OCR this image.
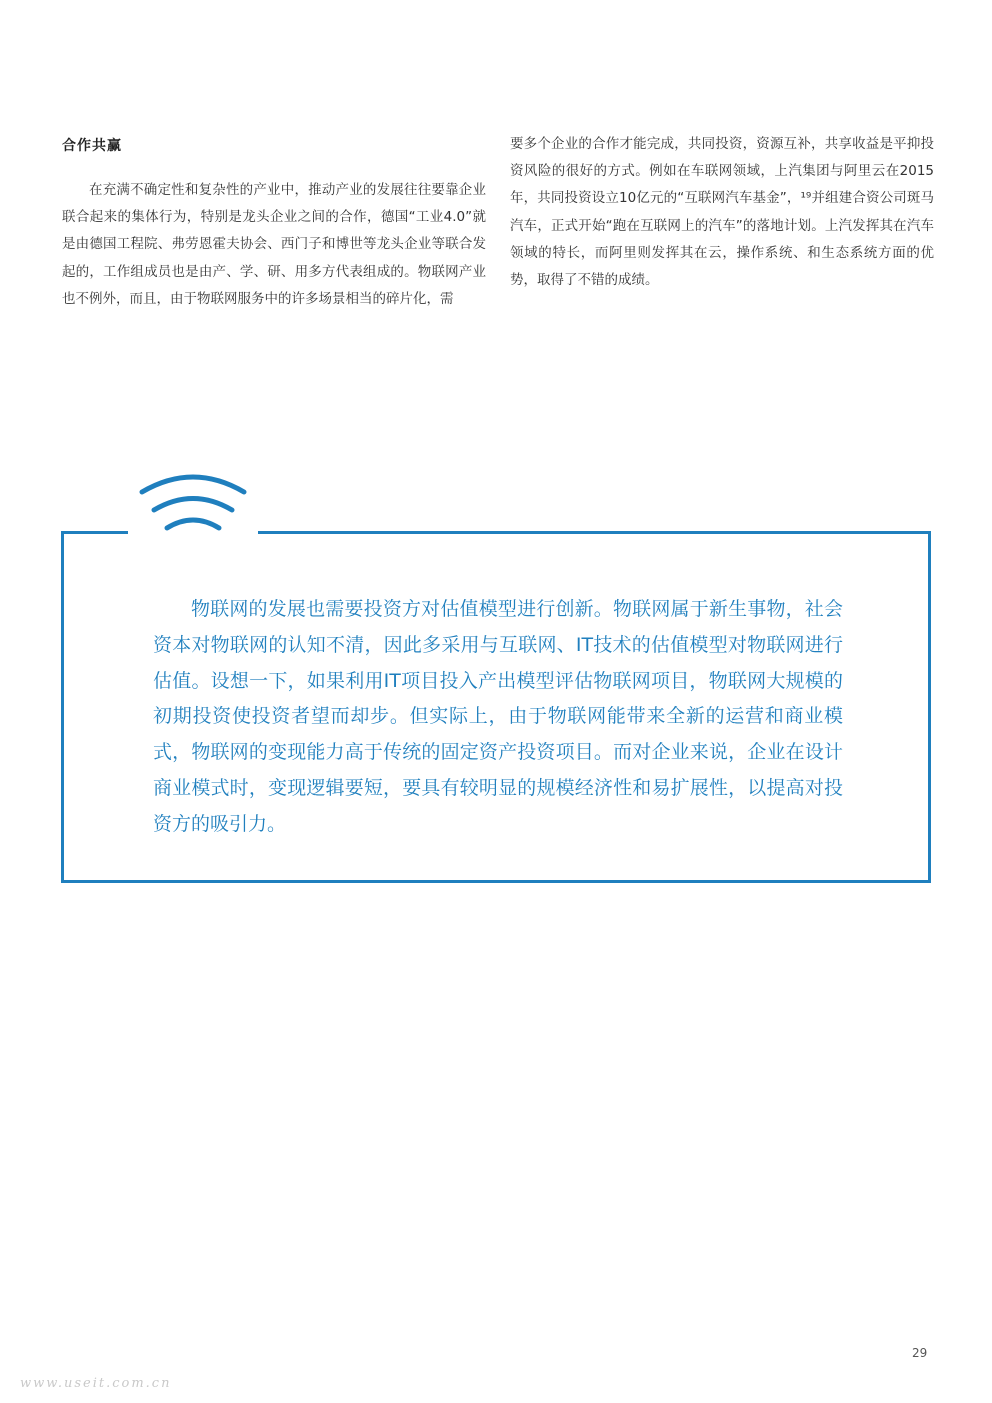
合作共赢

在充满不确定性和复杂性的产业中，推动产业的发展往往要靠企业联合起来的集体行为，特别是龙头企业之间的合作，德国“工业4.0”就是由德国工程院、弗劳恩霍夫协会、西门子和博世等龙头企业等联合发起的，工作组成员也是由产、学、研、用多方代表组成的。物联网产业也不例外，而且，由于物联网服务中的许多场景相当的碎片化，需

要多个企业的合作才能完成，共同投资，资源互补，共享收益是平抑投资风险的很好的方式。例如在车联网领域，上汽集团与阿里云在2015年，共同投资设立10亿元的“互联网汽车基金”，¹⁹并组建合资公司斑马汽车，正式开始“跑在互联网上的汽车”的落地计划。上汽发挥其在汽车领域的特长，而阿里则发挥其在云，操作系统、和生态系统方面的优势，取得了不错的成绩。

物联网的发展也需要投资方对估值模型进行创新。物联网属于新生事物，社会资本对物联网的认知不清，因此多采用与互联网、IT技术的估值模型对物联网进行估值。设想一下，如果利用IT项目投入产出模型评估物联网项目，物联网大规模的初期投资使投资者望而却步。但实际上，由于物联网能带来全新的运营和商业模式，物联网的变现能力高于传统的固定资产投资项目。而对企业来说，企业在设计商业模式时，变现逻辑要短，要具有较明显的规模经济性和易扩展性，以提高对投资方的吸引力。

29
www.useit.com.cn
